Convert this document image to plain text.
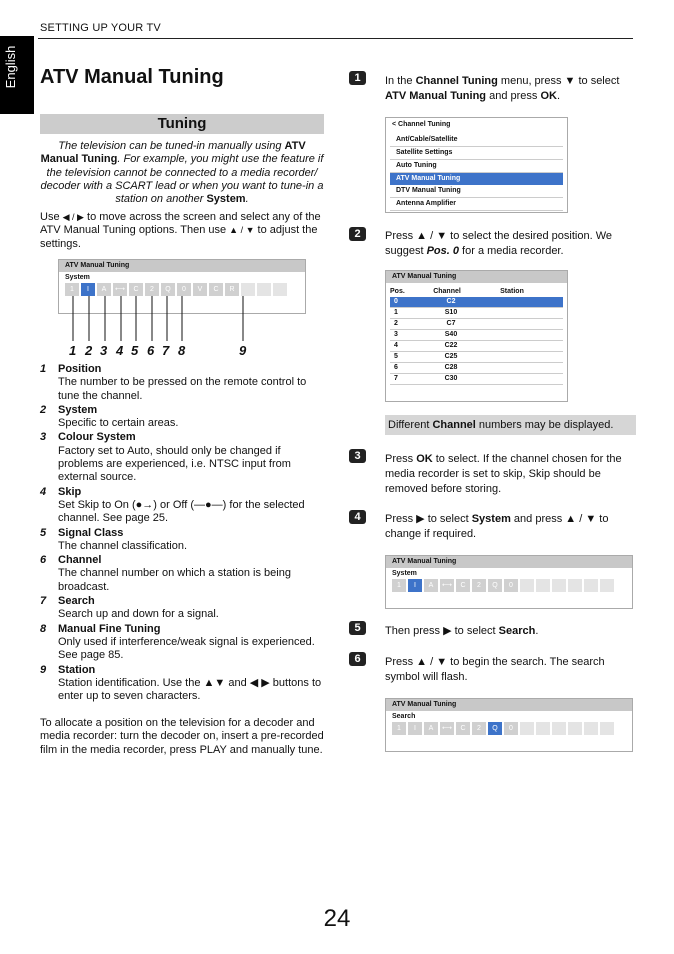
SETTING UP YOUR TV
English ATV Manual Tuning
Tuning
The television can be tuned-in manually using ATV Manual Tuning. For example, you might use the feature if the television cannot be connected to a media recorder/ decoder with a SCART lead or when you want to tune-in a station on another System.
Use ◀ / ▶ to move across the screen and select any of the ATV Manual Tuning options. Then use ▲ / ▼ to adjust the settings.
ATV Manual Tuning
System
1	I	A	⟷	C	2	Q	0	V	C	R
1 2 3 4 5 6 7 8	9
1 Position
The number to be pressed on the remote control to tune the channel.
2 System
Specific to certain areas.
3 Colour System
Factory set to Auto, should only be changed if problems are experienced, i.e. NTSC input from external source.
4 Skip
Set Skip to On (●→) or Off (—●—) for the selected channel. See page 25.
5 Signal Class
The channel classification.
6 Channel
The channel number on which a station is being broadcast.
7 Search
Search up and down for a signal.
8 Manual Fine Tuning
Only used if interference/weak signal is experienced. See page 85.
9 Station
Station identification. Use the ▲▼ and ◀ ▶ buttons to enter up to seven characters.
To allocate a position on the television for a decoder and media recorder: turn the decoder on, insert a pre-recorded film in the media recorder, press PLAY and manually tune.
1	In the Channel Tuning menu, press ▼ to select ATV Manual Tuning and press OK.
< Channel Tuning
Ant/Cable/Satellite
Satellite Settings
Auto Tuning
ATV Manual Tuning
DTV Manual Tuning
Antenna Amplifier
2	Press ▲ / ▼ to select the desired position. We suggest Pos. 0 for a media recorder.
ATV Manual Tuning
Pos.	Channel	Station
0	C2
1	S10
2	C7
3	S40
4	C22
5	C25
6	C28
7	C30
Different Channel numbers may be displayed.
3	Press OK to select. If the channel chosen for the media recorder is set to skip, Skip should be removed before storing.
4	Press ▶ to select System and press ▲ / ▼ to change if required.
ATV Manual Tuning
System
1	I	A	⟷	C	2	Q	0
5	Then press ▶ to select Search.
6	Press ▲ / ▼ to begin the search. The search symbol will flash.
ATV Manual Tuning
Search
1	I	A	⟷	C	2	Q	0
24
